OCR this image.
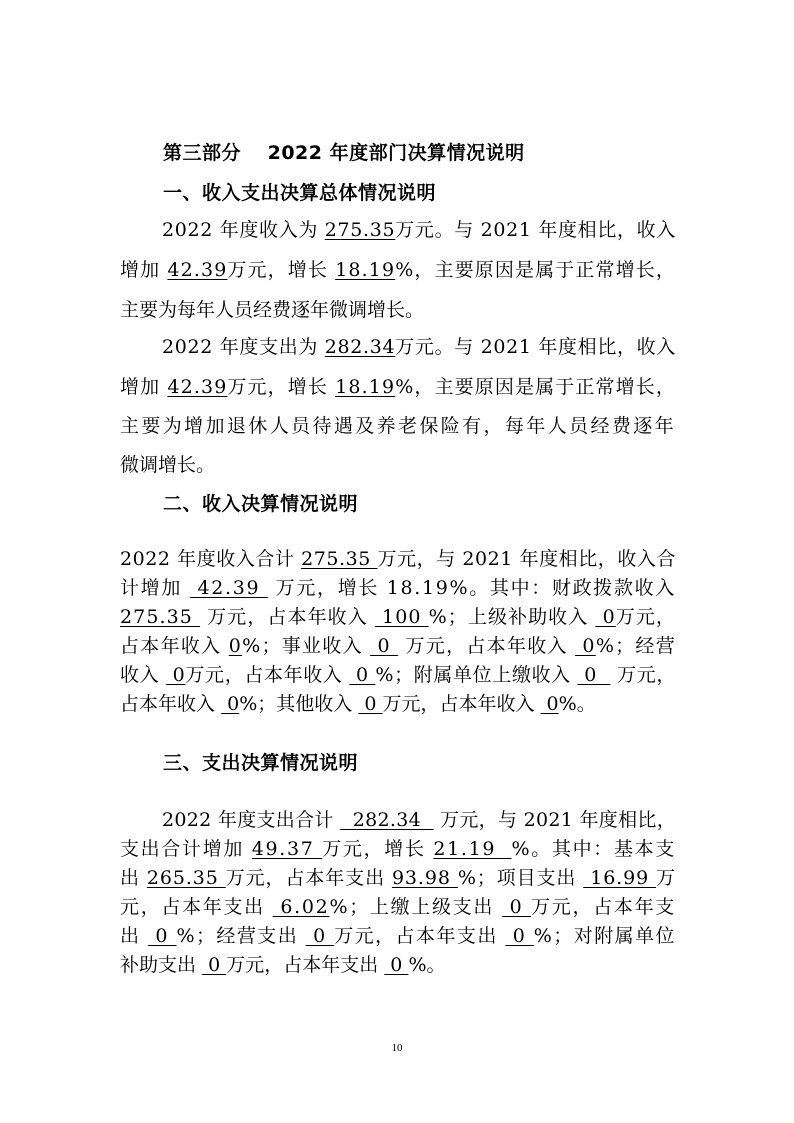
第三部分　 2022 年度部门决算情况说明
一、收入支出决算总体情况说明
2022 年度收入为 275.35万元。与 2021 年度相比，收入
增加 42.39万元，增长 18.19%，主要原因是属于正常增长，
主要为每年人员经费逐年微调增长。
2022 年度支出为 282.34万元。与 2021 年度相比，收入
增加 42.39万元，增长 18.19%，主要原因是属于正常增长，
主要为增加退休人员待遇及养老保险有，每年人员经费逐年
微调增长。
二、收入决算情况说明
2022 年度收入合计 275.35 万元，与 2021 年度相比，收入合
计增加  42.39  万元，增长 18.19%。其中：财政拨款收入
275.35  万元，占本年收入  100 %；上级补助收入  0万元，
占本年收入 0%；事业收入  0  万元，占本年收入  0%；经营
收入  0万元，占本年收入  0 %；附属单位上缴收入  0   万元，
占本年收入  0%；其他收入  0 万元，占本年收入  0%。
三、支出决算情况说明
2022 年度支出合计   282.34   万元，与 2021 年度相比，
支出合计增加 49.37 万元，增长 21.19  %。其中：基本支
出 265.35 万元，占本年支出 93.98 %；项目支出  16.99 万
元，占本年支出  6.02%；上缴上级支出  0 万元，占本年支
出  0 %；经营支出  0 万元，占本年支出  0 %；对附属单位
补助支出  0 万元，占本年支出  0 %。
10
